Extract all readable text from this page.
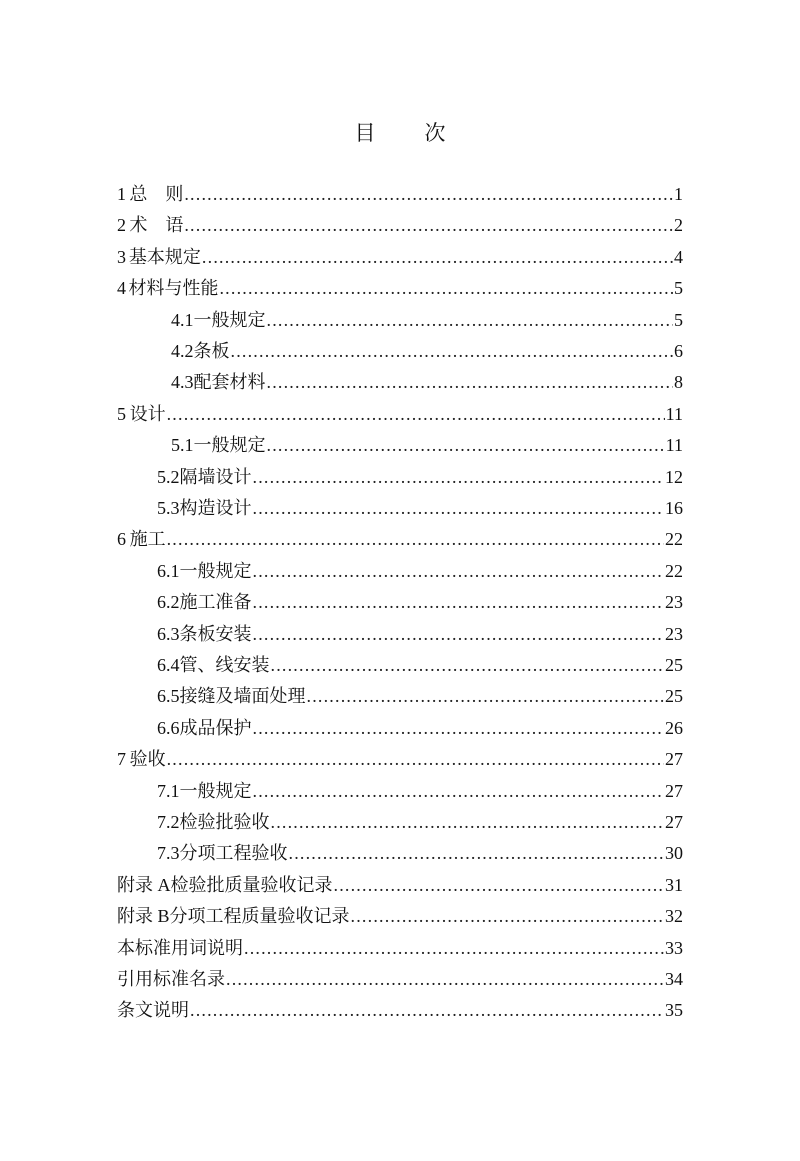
目　次
1 总　则 .....	1
2 术　语 .....	2
3 基本规定 .....	4
4 材料与性能 .....	5
4.1 一般规定 .....	5
4.2 条板 .....	6
4.3 配套材料 .....	8
5 设计 .....	11
5.1 一般规定 .....	11
5.2 隔墙设计 .....	12
5.3 构造设计 .....	16
6 施工 .....	22
6.1 一般规定 .....	22
6.2 施工准备 .....	23
6.3 条板安装 .....	23
6.4 管、线安装 .....	25
6.5 接缝及墙面处理 .....	25
6.6 成品保护 .....	26
7 验收 .....	27
7.1 一般规定 .....	27
7.2 检验批验收 .....	27
7.3 分项工程验收 .....	30
附录 A 检验批质量验收记录 .....	31
附录 B 分项工程质量验收记录 .....	32
本标准用词说明 .....	33
引用标准名录 .....	34
条文说明 .....	35
